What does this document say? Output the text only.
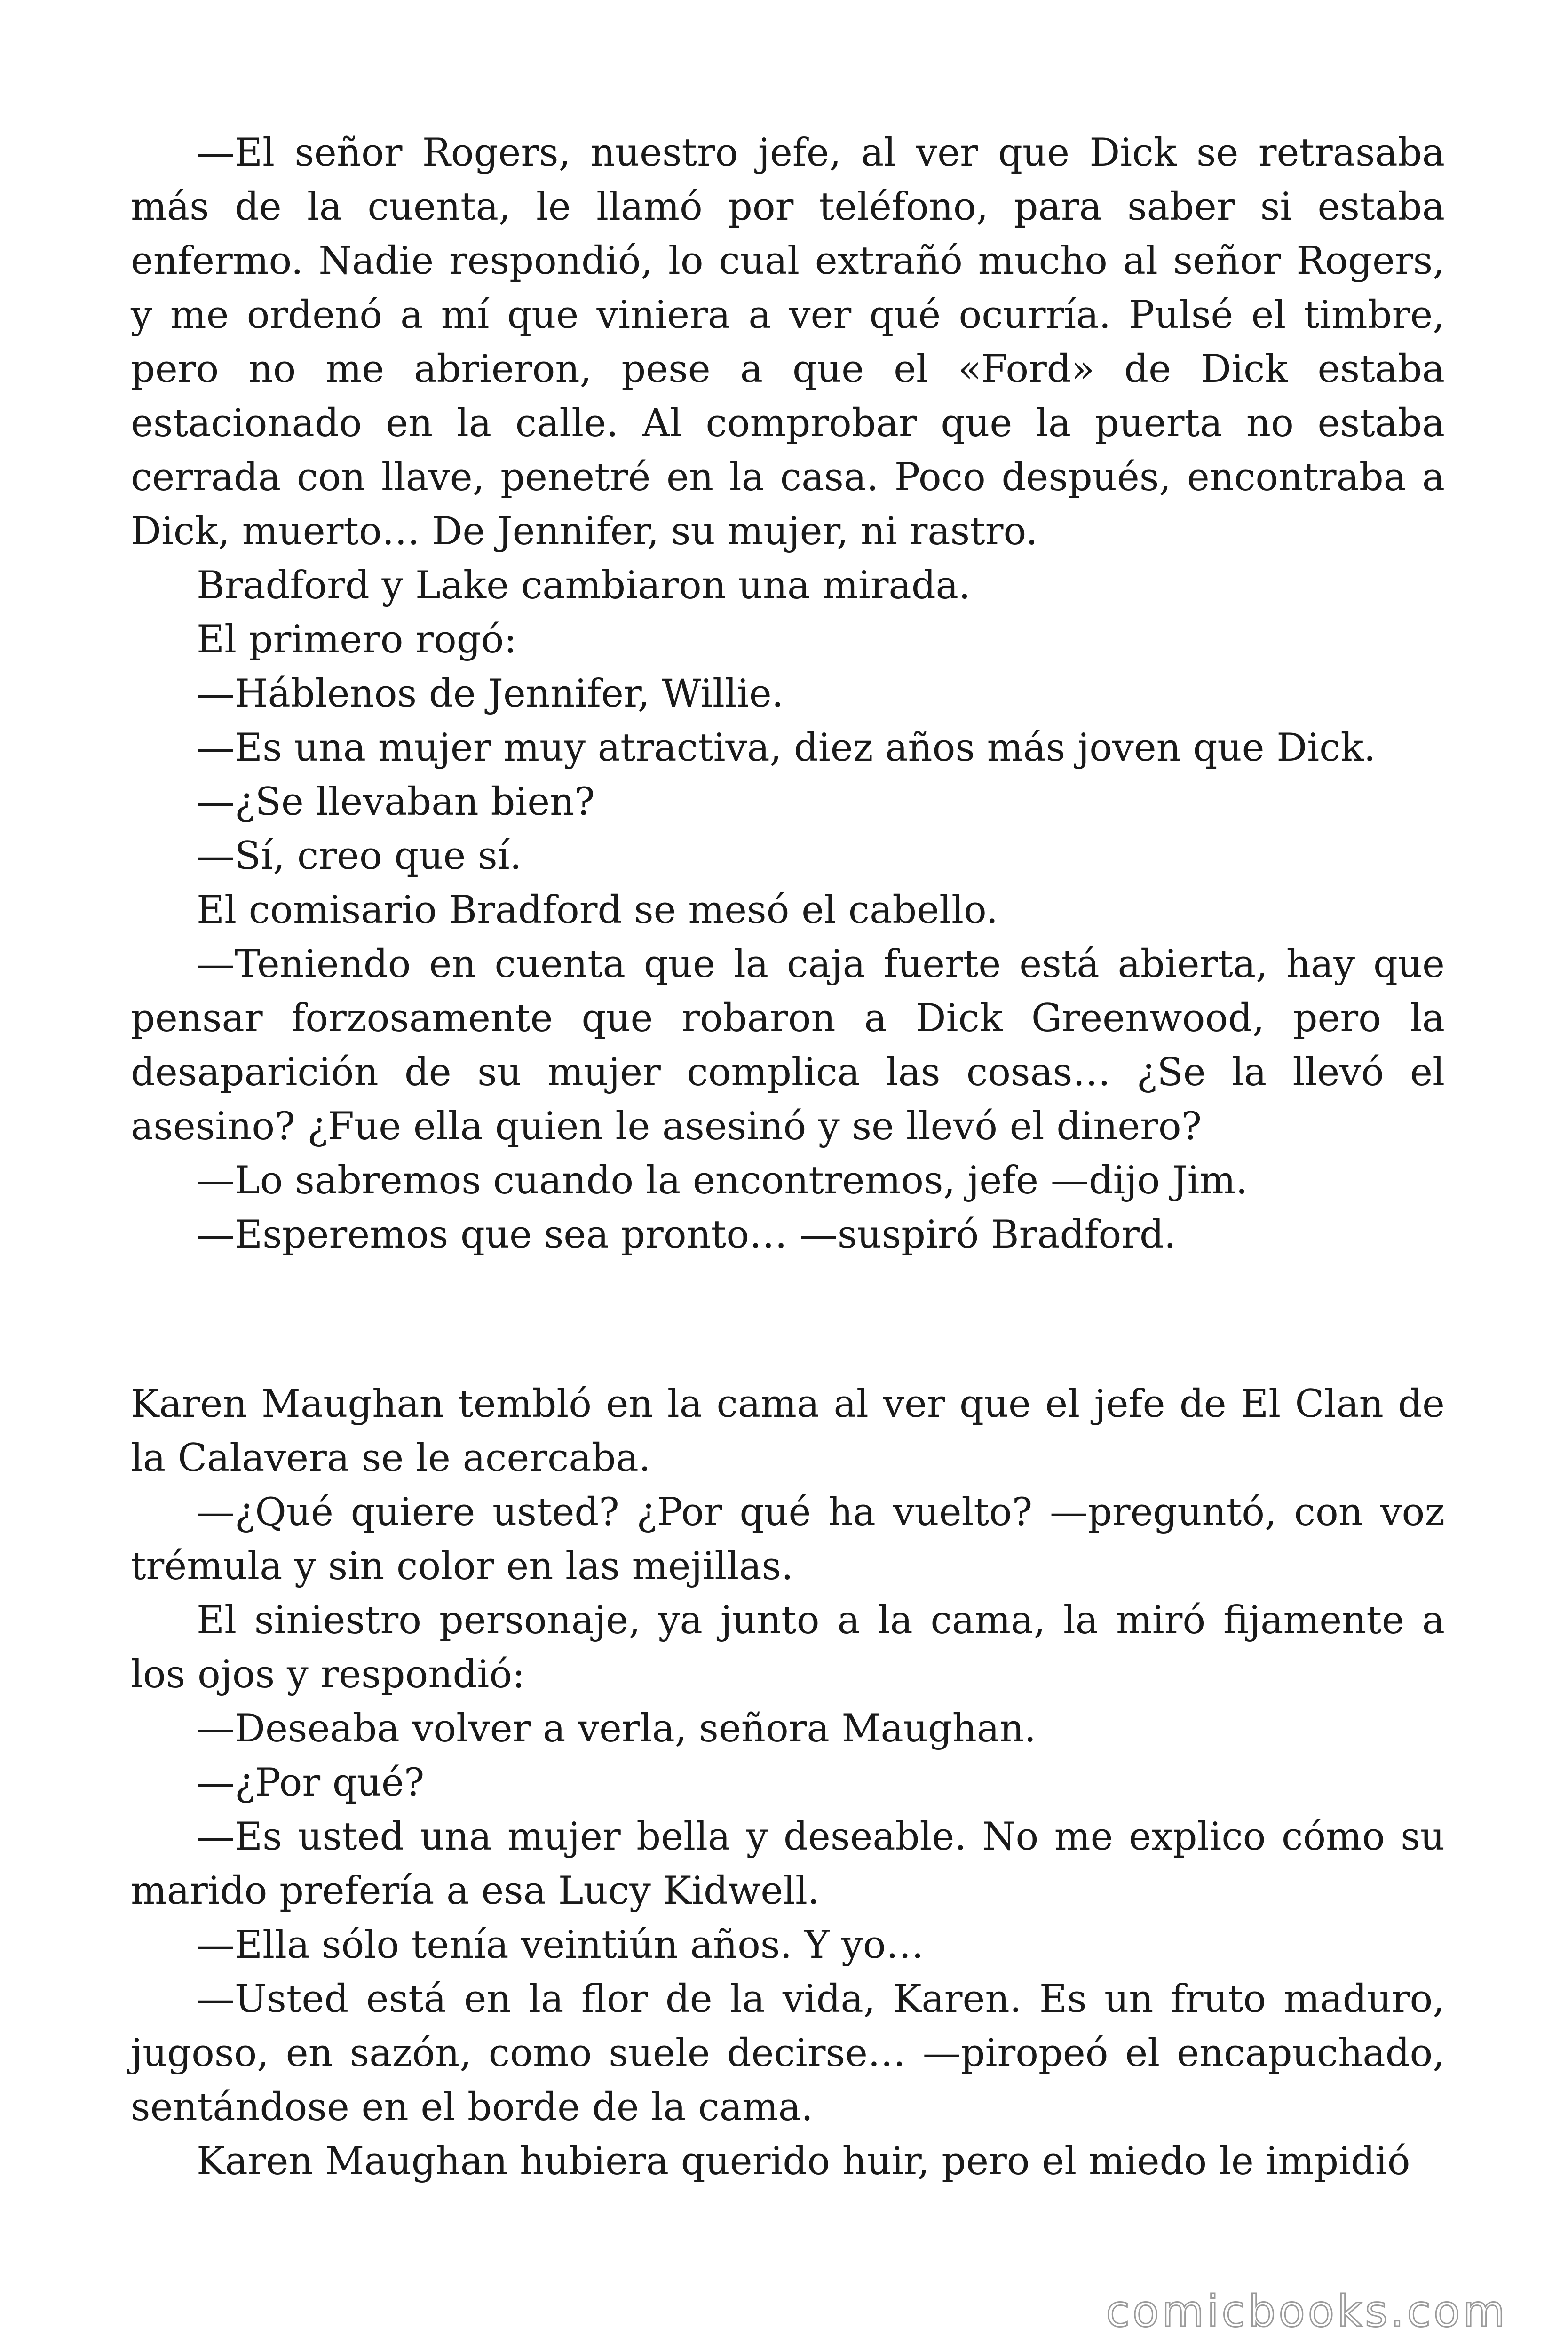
—El señor Rogers, nuestro jefe, al ver que Dick se retrasaba más de la cuenta, le llamó por teléfono, para saber si estaba enfermo. Nadie respondió, lo cual extrañó mucho al señor Rogers, y me ordenó a mí que viniera a ver qué ocurría. Pulsé el timbre, pero no me abrieron, pese a que el «Ford» de Dick estaba estacionado en la calle. Al comprobar que la puerta no estaba cerrada con llave, penetré en la casa. Poco después, encontraba a Dick, muerto… De Jennifer, su mujer, ni rastro.

Bradford y Lake cambiaron una mirada.

El primero rogó:

—Háblenos de Jennifer, Willie.

—Es una mujer muy atractiva, diez años más joven que Dick.

—¿Se llevaban bien?

—Sí, creo que sí.

El comisario Bradford se mesó el cabello.

—Teniendo en cuenta que la caja fuerte está abierta, hay que pensar forzosamente que robaron a Dick Greenwood, pero la desaparición de su mujer complica las cosas… ¿Se la llevó el asesino? ¿Fue ella quien le asesinó y se llevó el dinero?

—Lo sabremos cuando la encontremos, jefe —dijo Jim.

—Esperemos que sea pronto… —suspiró Bradford.

Karen Maughan tembló en la cama al ver que el jefe de El Clan de la Calavera se le acercaba.

—¿Qué quiere usted? ¿Por qué ha vuelto? —preguntó, con voz trémula y sin color en las mejillas.

El siniestro personaje, ya junto a la cama, la miró fijamente a los ojos y respondió:

—Deseaba volver a verla, señora Maughan.

—¿Por qué?

—Es usted una mujer bella y deseable. No me explico cómo su marido prefería a esa Lucy Kidwell.

—Ella sólo tenía veintiún años. Y yo…

—Usted está en la flor de la vida, Karen. Es un fruto maduro, jugoso, en sazón, como suele decirse… —piropeó el encapuchado, sentándose en el borde de la cama.

Karen Maughan hubiera querido huir, pero el miedo le impidió

comicbooks.com
